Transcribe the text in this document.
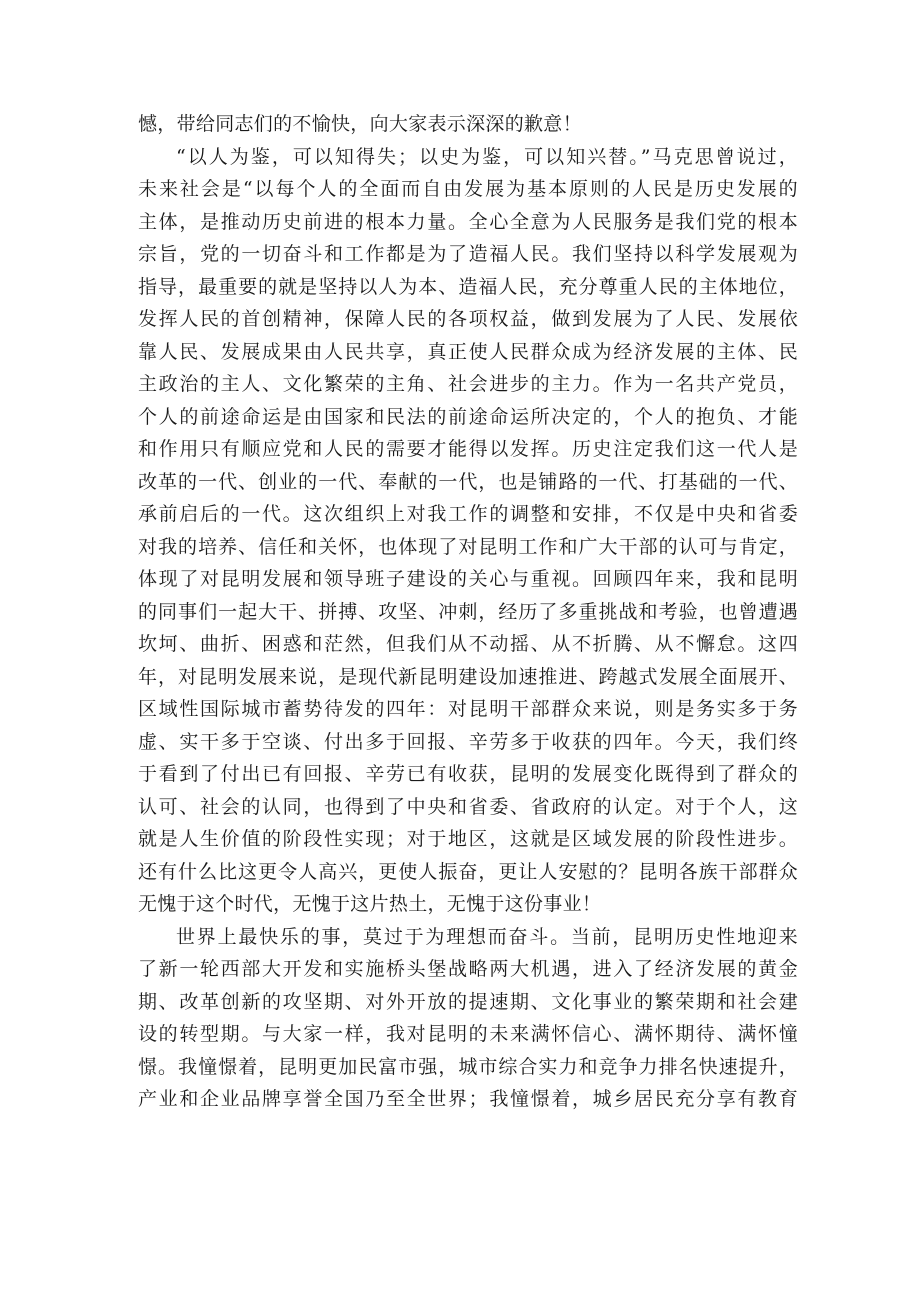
憾，带给同志们的不愉快，向大家表示深深的歉意！
“以人为鉴，可以知得失；以史为鉴，可以知兴替。”马克思曾说过，
未来社会是“以每个人的全面而自由发展为基本原则的人民是历史发展的
主体，是推动历史前进的根本力量。全心全意为人民服务是我们党的根本
宗旨，党的一切奋斗和工作都是为了造福人民。我们坚持以科学发展观为
指导，最重要的就是坚持以人为本、造福人民，充分尊重人民的主体地位，
发挥人民的首创精神，保障人民的各项权益，做到发展为了人民、发展依
靠人民、发展成果由人民共享，真正使人民群众成为经济发展的主体、民
主政治的主人、文化繁荣的主角、社会进步的主力。作为一名共产党员，
个人的前途命运是由国家和民法的前途命运所决定的，个人的抱负、才能
和作用只有顺应党和人民的需要才能得以发挥。历史注定我们这一代人是
改革的一代、创业的一代、奉献的一代，也是铺路的一代、打基础的一代、
承前启后的一代。这次组织上对我工作的调整和安排，不仅是中央和省委
对我的培养、信任和关怀，也体现了对昆明工作和广大干部的认可与肯定，
体现了对昆明发展和领导班子建设的关心与重视。回顾四年来，我和昆明
的同事们一起大干、拼搏、攻坚、冲刺，经历了多重挑战和考验，也曾遭遇
坎坷、曲折、困惑和茫然，但我们从不动摇、从不折腾、从不懈怠。这四
年，对昆明发展来说，是现代新昆明建设加速推进、跨越式发展全面展开、
区域性国际城市蓄势待发的四年：对昆明干部群众来说，则是务实多于务
虚、实干多于空谈、付出多于回报、辛劳多于收获的四年。今天，我们终
于看到了付出已有回报、辛劳已有收获，昆明的发展变化既得到了群众的
认可、社会的认同，也得到了中央和省委、省政府的认定。对于个人，这
就是人生价值的阶段性实现；对于地区，这就是区域发展的阶段性进步。
还有什么比这更令人高兴，更使人振奋，更让人安慰的？昆明各族干部群众
无愧于这个时代，无愧于这片热土，无愧于这份事业！
世界上最快乐的事，莫过于为理想而奋斗。当前，昆明历史性地迎来
了新一轮西部大开发和实施桥头堡战略两大机遇，进入了经济发展的黄金
期、改革创新的攻坚期、对外开放的提速期、文化事业的繁荣期和社会建
设的转型期。与大家一样，我对昆明的未来满怀信心、满怀期待、满怀憧
憬。我憧憬着，昆明更加民富市强，城市综合实力和竞争力排名快速提升，
产业和企业品牌享誉全国乃至全世界；我憧憬着，城乡居民充分享有教育
